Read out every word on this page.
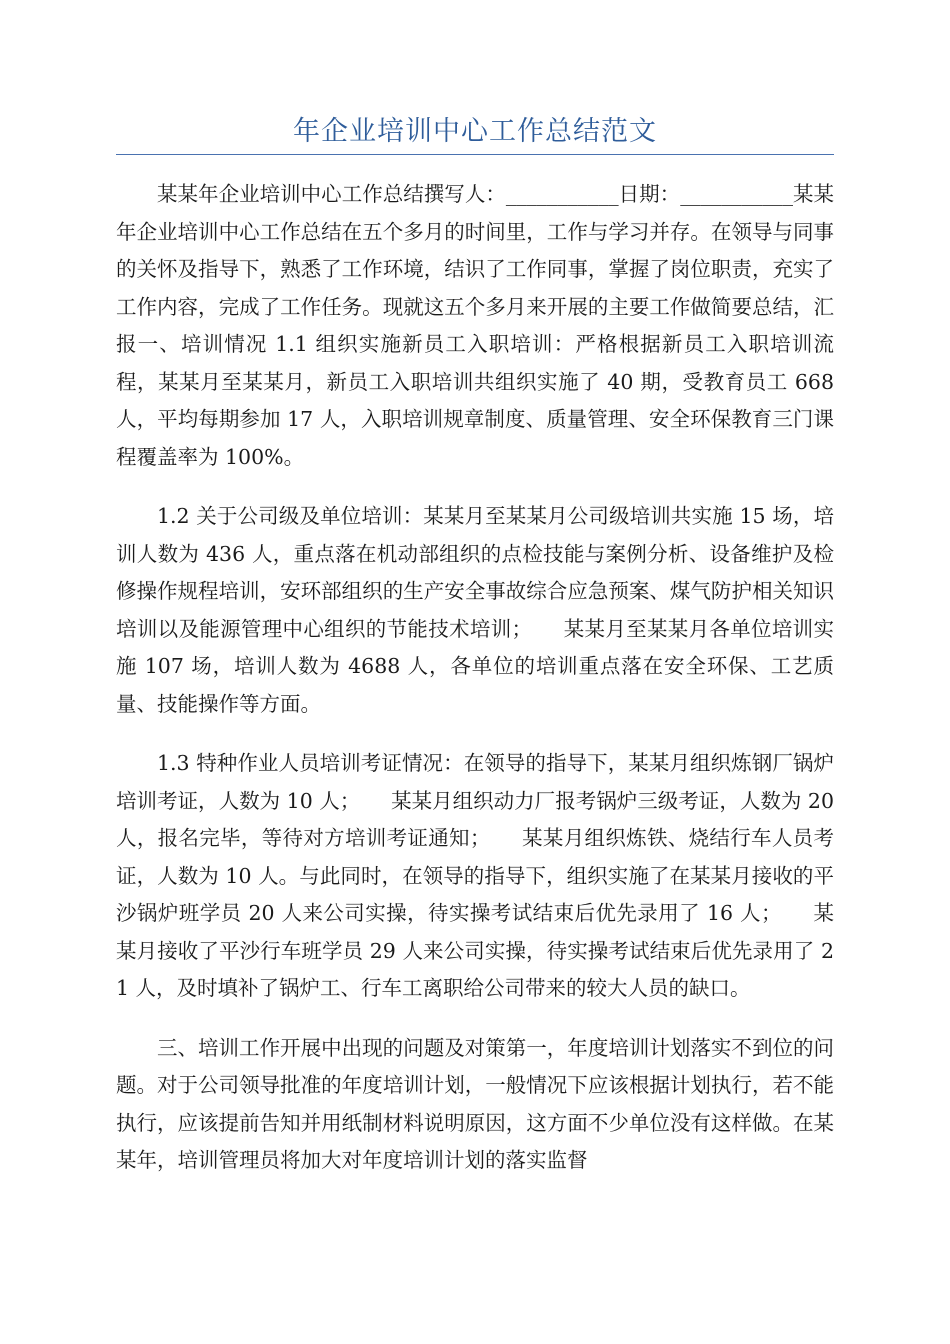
年企业培训中心工作总结范文

某某年企业培训中心工作总结撰写人：___________日期：___________某某年企业培训中心工作总结在五个多月的时间里，工作与学习并存。在领导与同事的关怀及指导下，熟悉了工作环境，结识了工作同事，掌握了岗位职责，充实了工作内容，完成了工作任务。现就这五个多月来开展的主要工作做简要总结，汇报一、培训情况 1.1 组织实施新员工入职培训：严格根据新员工入职培训流程，某某月至某某月，新员工入职培训共组织实施了 40 期，受教育员工 668 人，平均每期参加 17 人，入职培训规章制度、质量管理、安全环保教育三门课程覆盖率为 100%。

1.2 关于公司级及单位培训：某某月至某某月公司级培训共实施 15 场，培训人数为 436 人，重点落在机动部组织的点检技能与案例分析、设备维护及检修操作规程培训，安环部组织的生产安全事故综合应急预案、煤气防护相关知识培训以及能源管理中心组织的节能技术培训；　　某某月至某某月各单位培训实施 107 场，培训人数为 4688 人，各单位的培训重点落在安全环保、工艺质量、技能操作等方面。

1.3 特种作业人员培训考证情况：在领导的指导下，某某月组织炼钢厂锅炉培训考证，人数为 10 人；　　某某月组织动力厂报考锅炉三级考证，人数为 20 人，报名完毕，等待对方培训考证通知；　　某某月组织炼铁、烧结行车人员考证，人数为 10 人。与此同时，在领导的指导下，组织实施了在某某月接收的平沙锅炉班学员 20 人来公司实操，待实操考试结束后优先录用了 16 人；　　某某月接收了平沙行车班学员 29 人来公司实操，待实操考试结束后优先录用了 21 人，及时填补了锅炉工、行车工离职给公司带来的较大人员的缺口。

三、培训工作开展中出现的问题及对策第一，年度培训计划落实不到位的问题。对于公司领导批准的年度培训计划，一般情况下应该根据计划执行，若不能执行，应该提前告知并用纸制材料说明原因，这方面不少单位没有这样做。在某某年，培训管理员将加大对年度培训计划的落实监督
